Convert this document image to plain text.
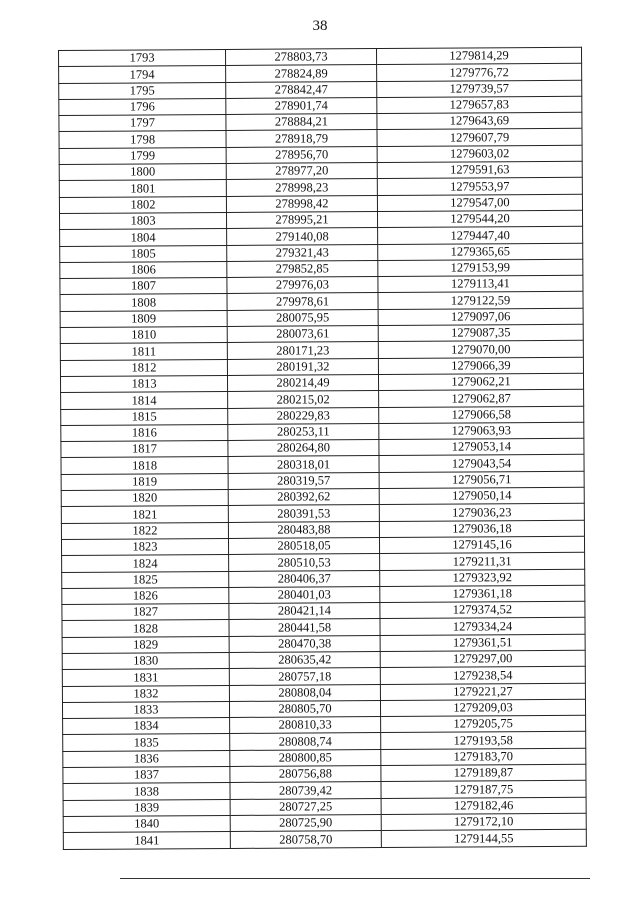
38
1793	278803,73	1279814,29
1794	278824,89	1279776,72
1795	278842,47	1279739,57
1796	278901,74	1279657,83
1797	278884,21	1279643,69
1798	278918,79	1279607,79
1799	278956,70	1279603,02
1800	278977,20	1279591,63
1801	278998,23	1279553,97
1802	278998,42	1279547,00
1803	278995,21	1279544,20
1804	279140,08	1279447,40
1805	279321,43	1279365,65
1806	279852,85	1279153,99
1807	279976,03	1279113,41
1808	279978,61	1279122,59
1809	280075,95	1279097,06
1810	280073,61	1279087,35
1811	280171,23	1279070,00
1812	280191,32	1279066,39
1813	280214,49	1279062,21
1814	280215,02	1279062,87
1815	280229,83	1279066,58
1816	280253,11	1279063,93
1817	280264,80	1279053,14
1818	280318,01	1279043,54
1819	280319,57	1279056,71
1820	280392,62	1279050,14
1821	280391,53	1279036,23
1822	280483,88	1279036,18
1823	280518,05	1279145,16
1824	280510,53	1279211,31
1825	280406,37	1279323,92
1826	280401,03	1279361,18
1827	280421,14	1279374,52
1828	280441,58	1279334,24
1829	280470,38	1279361,51
1830	280635,42	1279297,00
1831	280757,18	1279238,54
1832	280808,04	1279221,27
1833	280805,70	1279209,03
1834	280810,33	1279205,75
1835	280808,74	1279193,58
1836	280800,85	1279183,70
1837	280756,88	1279189,87
1838	280739,42	1279187,75
1839	280727,25	1279182,46
1840	280725,90	1279172,10
1841	280758,70	1279144,55
